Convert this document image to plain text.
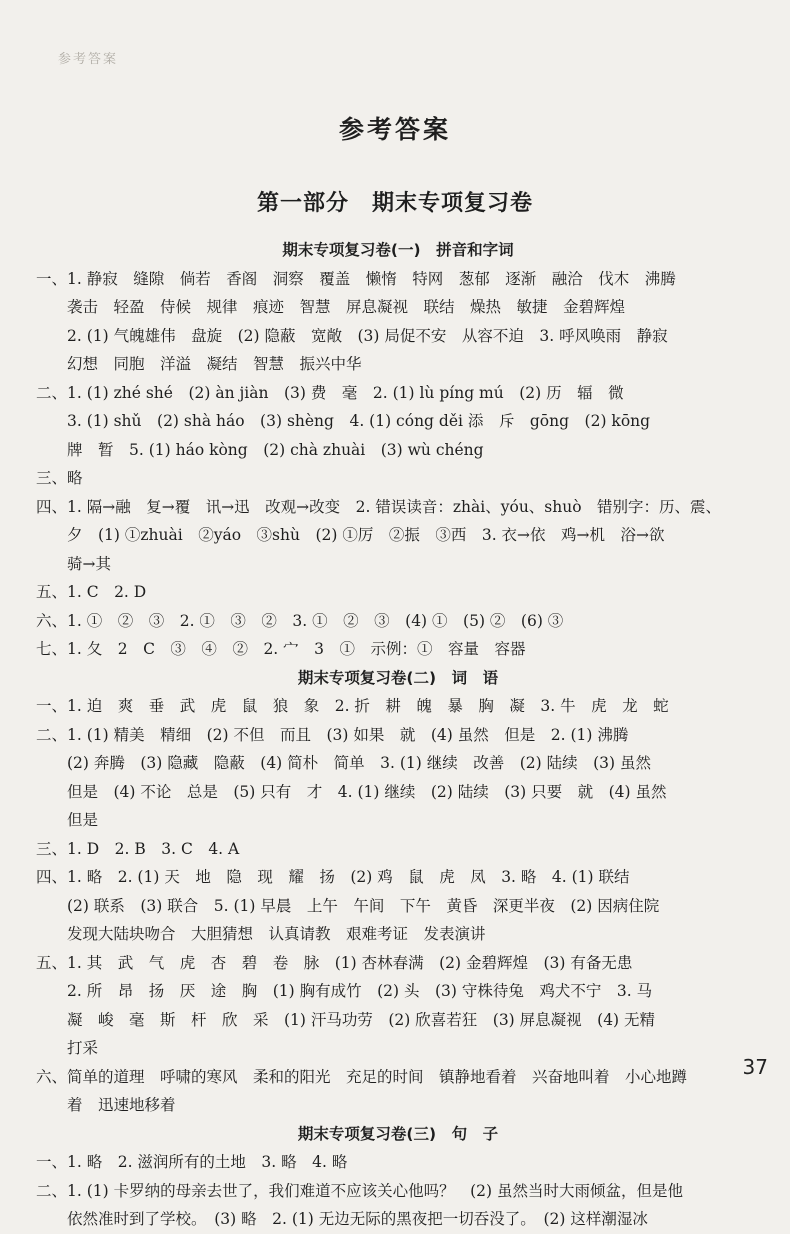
参考答案
参考答案
第一部分　期末专项复习卷
期末专项复习卷(一)　拼音和字词
一、1. 静寂　缝隙　倘若　香阁　洞察　覆盖　懒惰　特网　葱郁　逐渐　融洽　伐木　沸腾
袭击　轻盈　侍候　规律　痕迹　智慧　屏息凝视　联结　燥热　敏捷　金碧辉煌
2. (1) 气魄雄伟　盘旋　(2) 隐蔽　宽敞　(3) 局促不安　从容不迫　3. 呼风唤雨　静寂
幻想　同胞　洋溢　凝结　智慧　振兴中华
二、1. (1) zhé shé　(2) àn jiàn　(3) 费　毫　2. (1) lù píng mú　(2) 历　辐　微
3. (1) shǔ　(2) shà háo　(3) shèng　4. (1) cóng děi 添　斥　gōng　(2) kōng
牌　暂　5. (1) háo kòng　(2) chà zhuài　(3) wù chéng
三、略
四、1. 隔→融　复→覆　讯→迅　改观→改变　2. 错误读音：zhài、yóu、shuò　错别字：历、震、
夕　(1) ①zhuài　②yáo　③shù　(2) ①厉　②振　③西　3. 衣→依　鸡→机　浴→欲
骑→其
五、1. C　2. D
六、1. ①　②　③　2. ①　③　②　3. ①　②　③　(4) ①　(5) ②　(6) ③
七、1. 夂　2　C　③　④　②　2. 宀　3　①　示例：①　容量　容器
期末专项复习卷(二)　词　语
一、1. 迫　爽　垂　武　虎　鼠　狼　象　2. 折　耕　魄　暴　胸　凝　3. 牛　虎　龙　蛇
二、1. (1) 精美　精细　(2) 不但　而且　(3) 如果　就　(4) 虽然　但是　2. (1) 沸腾
(2) 奔腾　(3) 隐藏　隐蔽　(4) 简朴　简单　3. (1) 继续　改善　(2) 陆续　(3) 虽然
但是　(4) 不论　总是　(5) 只有　才　4. (1) 继续　(2) 陆续　(3) 只要　就　(4) 虽然
但是
三、1. D　2. B　3. C　4. A
四、1. 略　2. (1) 天　地　隐　现　耀　扬　(2) 鸡　鼠　虎　凤　3. 略　4. (1) 联结
(2) 联系　(3) 联合　5. (1) 早晨　上午　午间　下午　黄昏　深更半夜　(2) 因病住院
发现大陆块吻合　大胆猜想　认真请教　艰难考证　发表演讲
五、1. 其　武　气　虎　杏　碧　卷　脉　(1) 杏林春满　(2) 金碧辉煌　(3) 有备无患
2. 所　昂　扬　厌　途　胸　(1) 胸有成竹　(2) 头　(3) 守株待兔　鸡犬不宁　3. 马
凝　峻　毫　斯　杆　欣　采　(1) 汗马功劳　(2) 欣喜若狂　(3) 屏息凝视　(4) 无精
打采
六、简单的道理　呼啸的寒风　柔和的阳光　充足的时间　镇静地看着　兴奋地叫着　小心地蹲
着　迅速地移着
期末专项复习卷(三)　句　子
一、1. 略　2. 滋润所有的土地　3. 略　4. 略
二、1. (1) 卡罗纳的母亲去世了，我们难道不应该关心他吗？　(2) 虽然当时大雨倾盆，但是他
依然准时到了学校。　(3) 略　2. (1) 无边无际的黑夜把一切吞没了。　(2) 这样潮湿冰
37
